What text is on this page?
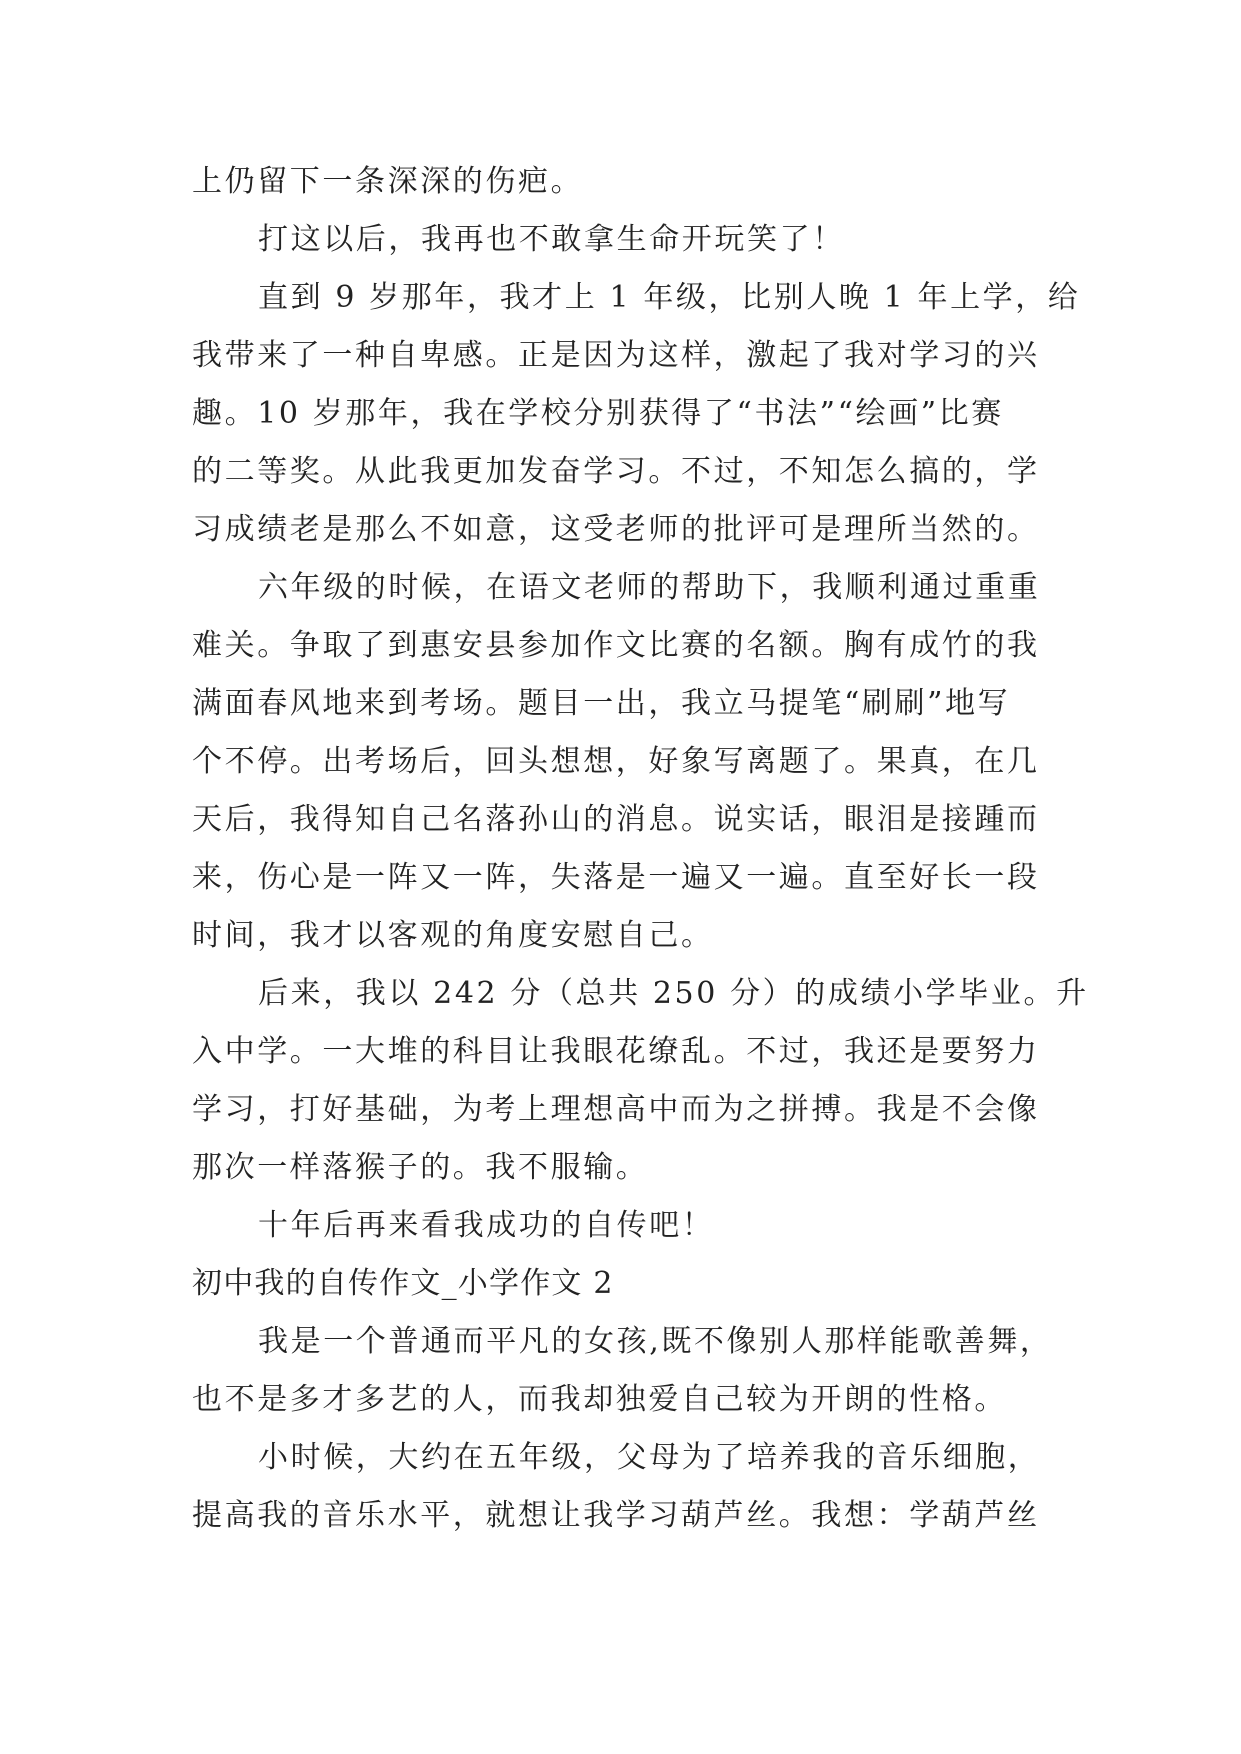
上仍留下一条深深的伤疤。
打这以后，我再也不敢拿生命开玩笑了！
直到 9 岁那年，我才上 1 年级，比别人晚 1 年上学，给
我带来了一种自卑感。正是因为这样，激起了我对学习的兴
趣。10 岁那年，我在学校分别获得了“书法”“绘画”比赛
的二等奖。从此我更加发奋学习。不过，不知怎么搞的，学
习成绩老是那么不如意，这受老师的批评可是理所当然的。
六年级的时候，在语文老师的帮助下，我顺利通过重重
难关。争取了到惠安县参加作文比赛的名额。胸有成竹的我
满面春风地来到考场。题目一出，我立马提笔“刷刷”地写
个不停。出考场后，回头想想，好象写离题了。果真，在几
天后，我得知自己名落孙山的消息。说实话，眼泪是接踵而
来，伤心是一阵又一阵，失落是一遍又一遍。直至好长一段
时间，我才以客观的角度安慰自己。
后来，我以 242 分（总共 250 分）的成绩小学毕业。升
入中学。一大堆的科目让我眼花缭乱。不过，我还是要努力
学习，打好基础，为考上理想高中而为之拼搏。我是不会像
那次一样落猴子的。我不服输。
十年后再来看我成功的自传吧！
初中我的自传作文_小学作文 2
我是一个普通而平凡的女孩,既不像别人那样能歌善舞，
也不是多才多艺的人，而我却独爱自己较为开朗的性格。
小时候，大约在五年级，父母为了培养我的音乐细胞，
提高我的音乐水平，就想让我学习葫芦丝。我想：学葫芦丝
